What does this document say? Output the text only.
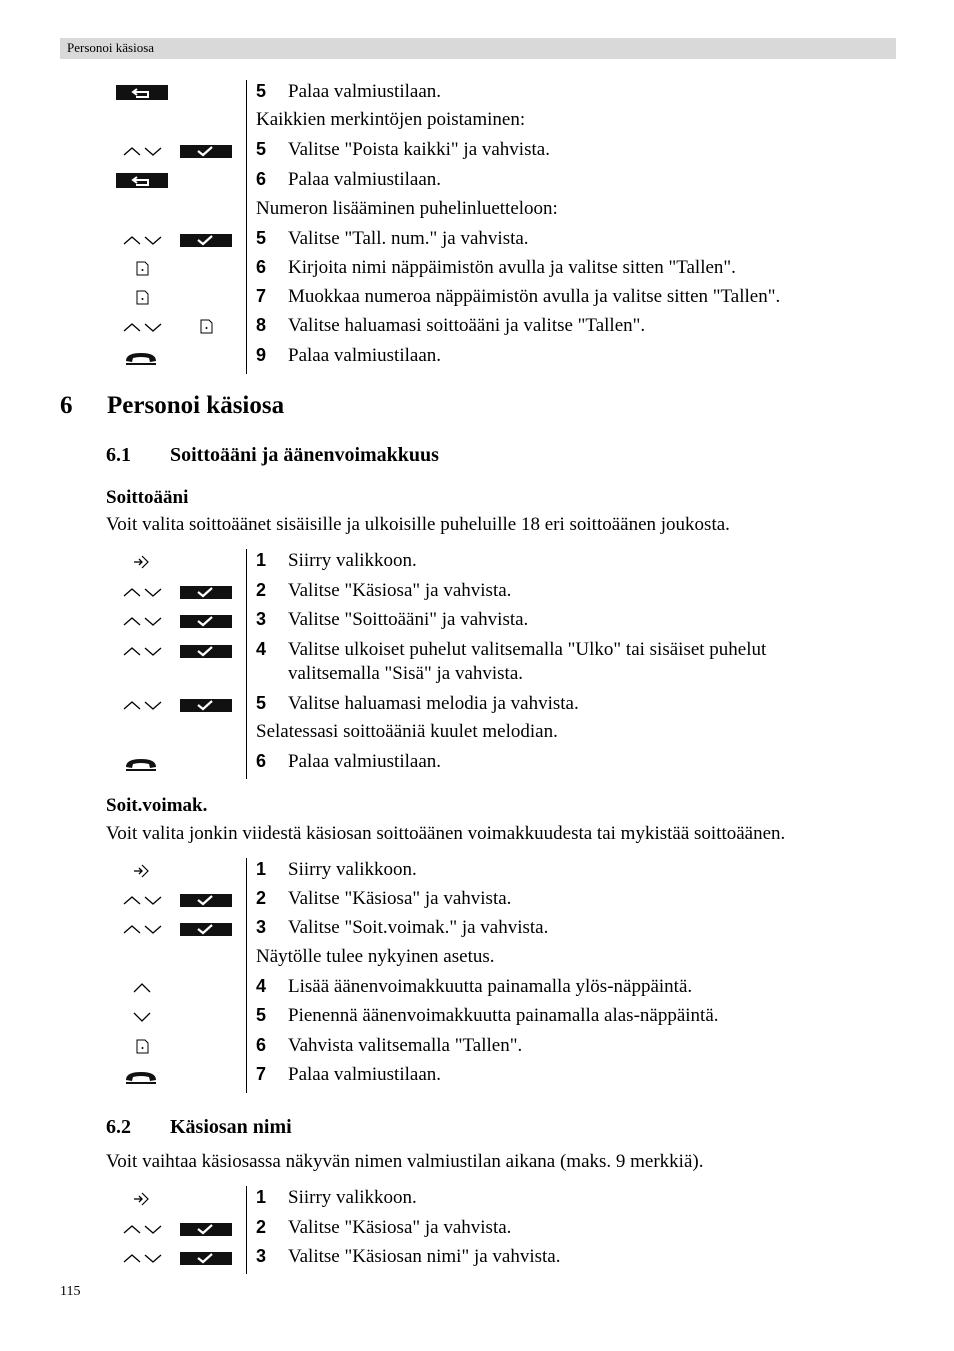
Personoi käsiosa
5 Palaa valmiustilaan.
Kaikkien merkintöjen poistaminen:
5 Valitse "Poista kaikki" ja vahvista.
6 Palaa valmiustilaan.
Numeron lisääminen puhelinluetteloon:
5 Valitse "Tall. num." ja vahvista.
6 Kirjoita nimi näppäimistön avulla ja valitse sitten "Tallen".
7 Muokkaa numeroa näppäimistön avulla ja valitse sitten "Tallen".
8 Valitse haluamasi soittoääni ja valitse "Tallen".
9 Palaa valmiustilaan.
6 Personoi käsiosa
6.1 Soittoääni ja äänenvoimakkuus
Soittoääni
Voit valita soittoäänet sisäisille ja ulkoisille puheluille 18 eri soittoäänen joukosta.
1 Siirry valikkoon.
2 Valitse "Käsiosa" ja vahvista.
3 Valitse "Soittoääni" ja vahvista.
4 Valitse ulkoiset puhelut valitsemalla "Ulko" tai sisäiset puhelut
valitsemalla "Sisä" ja vahvista.
5 Valitse haluamasi melodia ja vahvista.
Selatessasi soittoääniä kuulet melodian.
6 Palaa valmiustilaan.
Soit.voimak.
Voit valita jonkin viidestä käsiosan soittoäänen voimakkuudesta tai mykistää soittoäänen.
1 Siirry valikkoon.
2 Valitse "Käsiosa" ja vahvista.
3 Valitse "Soit.voimak." ja vahvista.
Näytölle tulee nykyinen asetus.
4 Lisää äänenvoimakkuutta painamalla ylös-näppäintä.
5 Pienennä äänenvoimakkuutta painamalla alas-näppäintä.
6 Vahvista valitsemalla "Tallen".
7 Palaa valmiustilaan.
6.2 Käsiosan nimi
Voit vaihtaa käsiosassa näkyvän nimen valmiustilan aikana (maks. 9 merkkiä).
1 Siirry valikkoon.
2 Valitse "Käsiosa" ja vahvista.
3 Valitse "Käsiosan nimi" ja vahvista.
115
